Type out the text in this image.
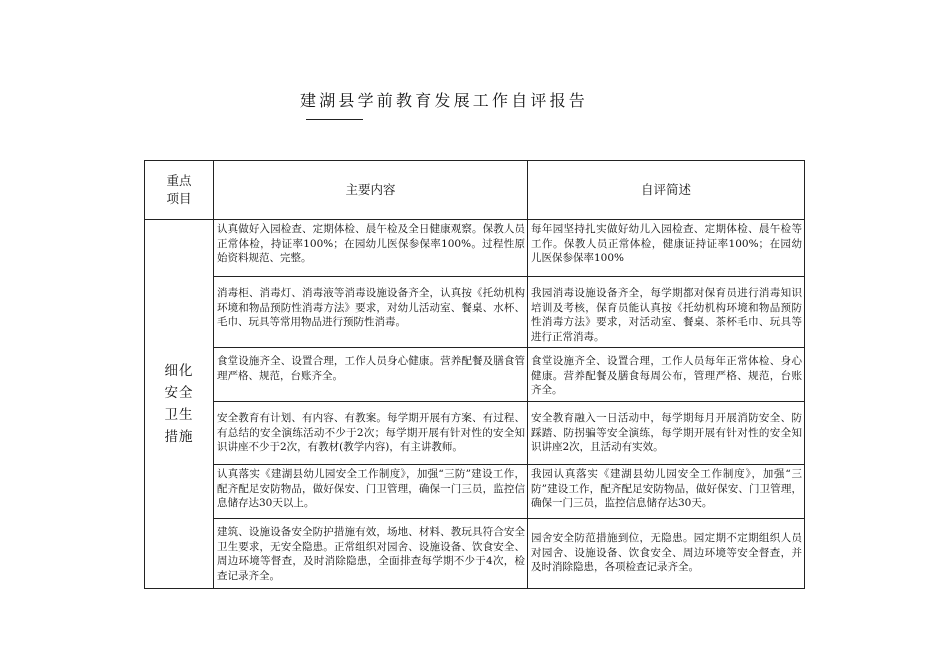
建湖县学前教育发展工作自评报告
重点
项目	主要内容	自评简述

细化
安全
卫生
措施	认真做好入园检查、定期体检、晨午检及全日健康观察。保教人员正常体检，持证率100%；在园幼儿医保参保率100%。过程性原始资料规范、完整。	每年园坚持扎实做好幼儿入园检查、定期体检、晨午检等工作。保教人员正常体检，健康证持证率100%；在园幼儿医保参保率100%
	消毒柜、消毒灯、消毒液等消毒设施设备齐全，认真按《托幼机构环境和物品预防性消毒方法》要求，对幼儿活动室、餐桌、水杯、毛巾、玩具等常用物品进行预防性消毒。	我园消毒设施设备齐全，每学期都对保育员进行消毒知识培训及考核，保育员能认真按《托幼机构环境和物品预防性消毒方法》要求，对活动室、餐桌、茶杯毛巾、玩具等进行正常消毒。
	食堂设施齐全、设置合理，工作人员身心健康。营养配餐及膳食管理严格、规范，台账齐全。	食堂设施齐全、设置合理，工作人员每年正常体检、身心健康。营养配餐及膳食每周公布，管理严格、规范，台账齐全。
	安全教育有计划、有内容、有教案。每学期开展有方案、有过程、有总结的安全演练活动不少于2次；每学期开展有针对性的安全知识讲座不少于2次，有教材(教学内容)，有主讲教师。	安全教育融入一日活动中，每学期每月开展消防安全、防踩踏、防拐骗等安全演练，每学期开展有针对性的安全知识讲座2次，且活动有实效。
	认真落实《建湖县幼儿园安全工作制度》，加强“三防”建设工作，配齐配足安防物品，做好保安、门卫管理，确保一门三员，监控信息储存达30天以上。	我园认真落实《建湖县幼儿园安全工作制度》，加强“三防”建设工作，配齐配足安防物品，做好保安、门卫管理，确保一门三员，监控信息储存达30天。
	建筑、设施设备安全防护措施有效，场地、材料、教玩具符合安全卫生要求，无安全隐患。正常组织对园舍、设施设备、饮食安全、周边环境等督查，及时消除隐患，全面排查每学期不少于4次，检查记录齐全。	园舍安全防范措施到位，无隐患。园定期不定期组织人员对园舍、设施设备、饮食安全、周边环境等安全督查，并及时消除隐患，各项检查记录齐全。
